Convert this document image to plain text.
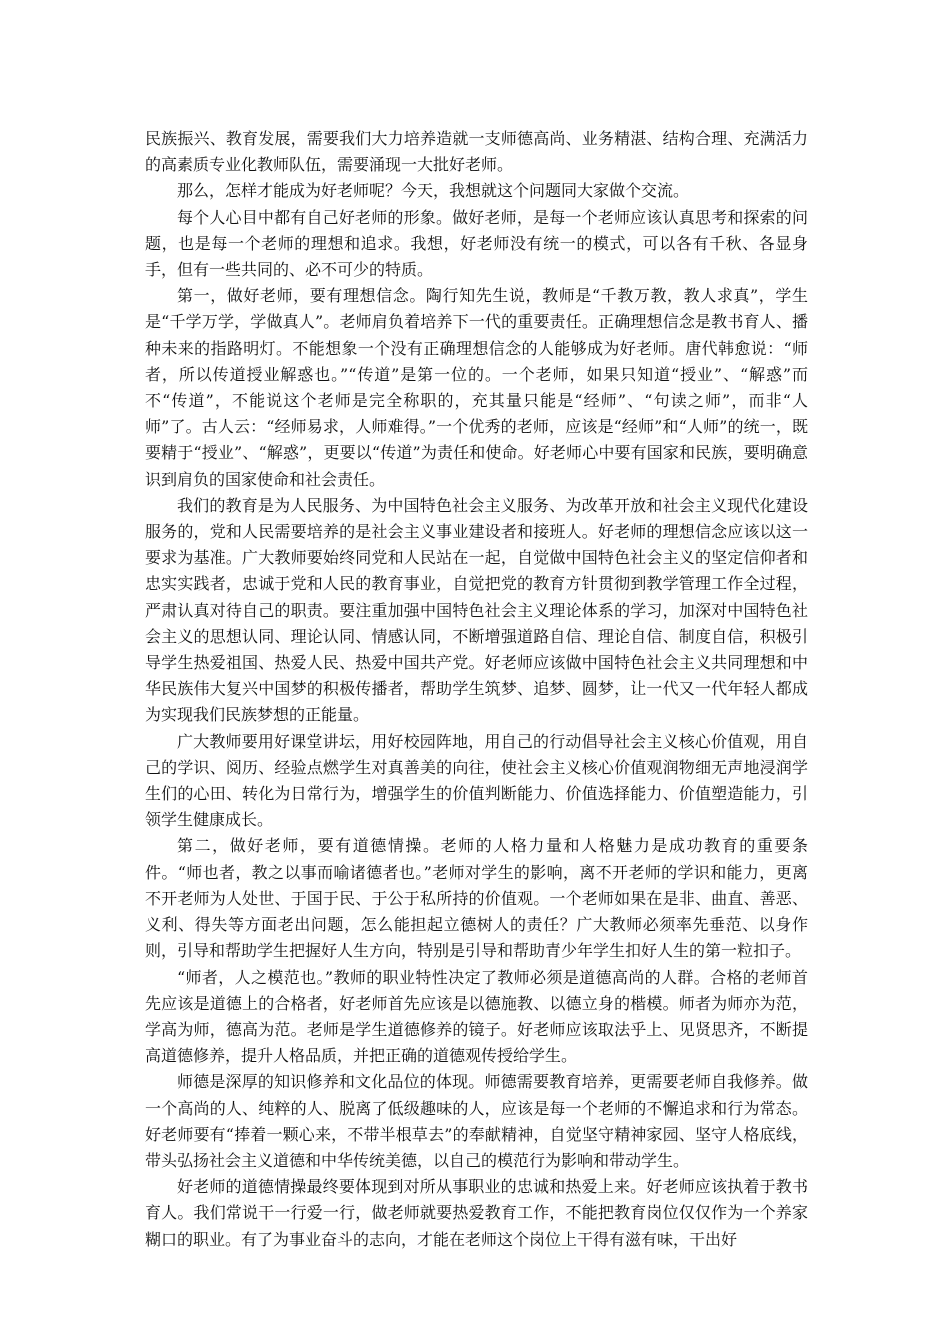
民族振兴、教育发展，需要我们大力培养造就一支师德高尚、业务精湛、结构合理、充满活力的高素质专业化教师队伍，需要涌现一大批好老师。

那么，怎样才能成为好老师呢？今天，我想就这个问题同大家做个交流。

每个人心目中都有自己好老师的形象。做好老师，是每一个老师应该认真思考和探索的问题，也是每一个老师的理想和追求。我想，好老师没有统一的模式，可以各有千秋、各显身手，但有一些共同的、必不可少的特质。

第一，做好老师，要有理想信念。陶行知先生说，教师是“千教万教，教人求真”，学生是“千学万学，学做真人”。老师肩负着培养下一代的重要责任。正确理想信念是教书育人、播种未来的指路明灯。不能想象一个没有正确理想信念的人能够成为好老师。唐代韩愈说：“师者，所以传道授业解惑也。”“传道”是第一位的。一个老师，如果只知道“授业”、“解惑”而不“传道”，不能说这个老师是完全称职的，充其量只能是“经师”、“句读之师”，而非“人师”了。古人云：“经师易求，人师难得。”一个优秀的老师，应该是“经师”和“人师”的统一，既要精于“授业”、“解惑”，更要以“传道”为责任和使命。好老师心中要有国家和民族，要明确意识到肩负的国家使命和社会责任。

我们的教育是为人民服务、为中国特色社会主义服务、为改革开放和社会主义现代化建设服务的，党和人民需要培养的是社会主义事业建设者和接班人。好老师的理想信念应该以这一要求为基准。广大教师要始终同党和人民站在一起，自觉做中国特色社会主义的坚定信仰者和忠实实践者，忠诚于党和人民的教育事业，自觉把党的教育方针贯彻到教学管理工作全过程，严肃认真对待自己的职责。要注重加强中国特色社会主义理论体系的学习，加深对中国特色社会主义的思想认同、理论认同、情感认同，不断增强道路自信、理论自信、制度自信，积极引导学生热爱祖国、热爱人民、热爱中国共产党。好老师应该做中国特色社会主义共同理想和中华民族伟大复兴中国梦的积极传播者，帮助学生筑梦、追梦、圆梦，让一代又一代年轻人都成为实现我们民族梦想的正能量。

广大教师要用好课堂讲坛，用好校园阵地，用自己的行动倡导社会主义核心价值观，用自己的学识、阅历、经验点燃学生对真善美的向往，使社会主义核心价值观润物细无声地浸润学生们的心田、转化为日常行为，增强学生的价值判断能力、价值选择能力、价值塑造能力，引领学生健康成长。

第二，做好老师，要有道德情操。老师的人格力量和人格魅力是成功教育的重要条件。“师也者，教之以事而喻诸德者也。”老师对学生的影响，离不开老师的学识和能力，更离不开老师为人处世、于国于民、于公于私所持的价值观。一个老师如果在是非、曲直、善恶、义利、得失等方面老出问题，怎么能担起立德树人的责任？广大教师必须率先垂范、以身作则，引导和帮助学生把握好人生方向，特别是引导和帮助青少年学生扣好人生的第一粒扣子。

“师者，人之模范也。”教师的职业特性决定了教师必须是道德高尚的人群。合格的老师首先应该是道德上的合格者，好老师首先应该是以德施教、以德立身的楷模。师者为师亦为范，学高为师，德高为范。老师是学生道德修养的镜子。好老师应该取法乎上、见贤思齐，不断提高道德修养，提升人格品质，并把正确的道德观传授给学生。

师德是深厚的知识修养和文化品位的体现。师德需要教育培养，更需要老师自我修养。做一个高尚的人、纯粹的人、脱离了低级趣味的人，应该是每一个老师的不懈追求和行为常态。好老师要有“捧着一颗心来，不带半根草去”的奉献精神，自觉坚守精神家园、坚守人格底线，带头弘扬社会主义道德和中华传统美德，以自己的模范行为影响和带动学生。

好老师的道德情操最终要体现到对所从事职业的忠诚和热爱上来。好老师应该执着于教书育人。我们常说干一行爱一行，做老师就要热爱教育工作，不能把教育岗位仅仅作为一个养家糊口的职业。有了为事业奋斗的志向，才能在老师这个岗位上干得有滋有味，干出好
